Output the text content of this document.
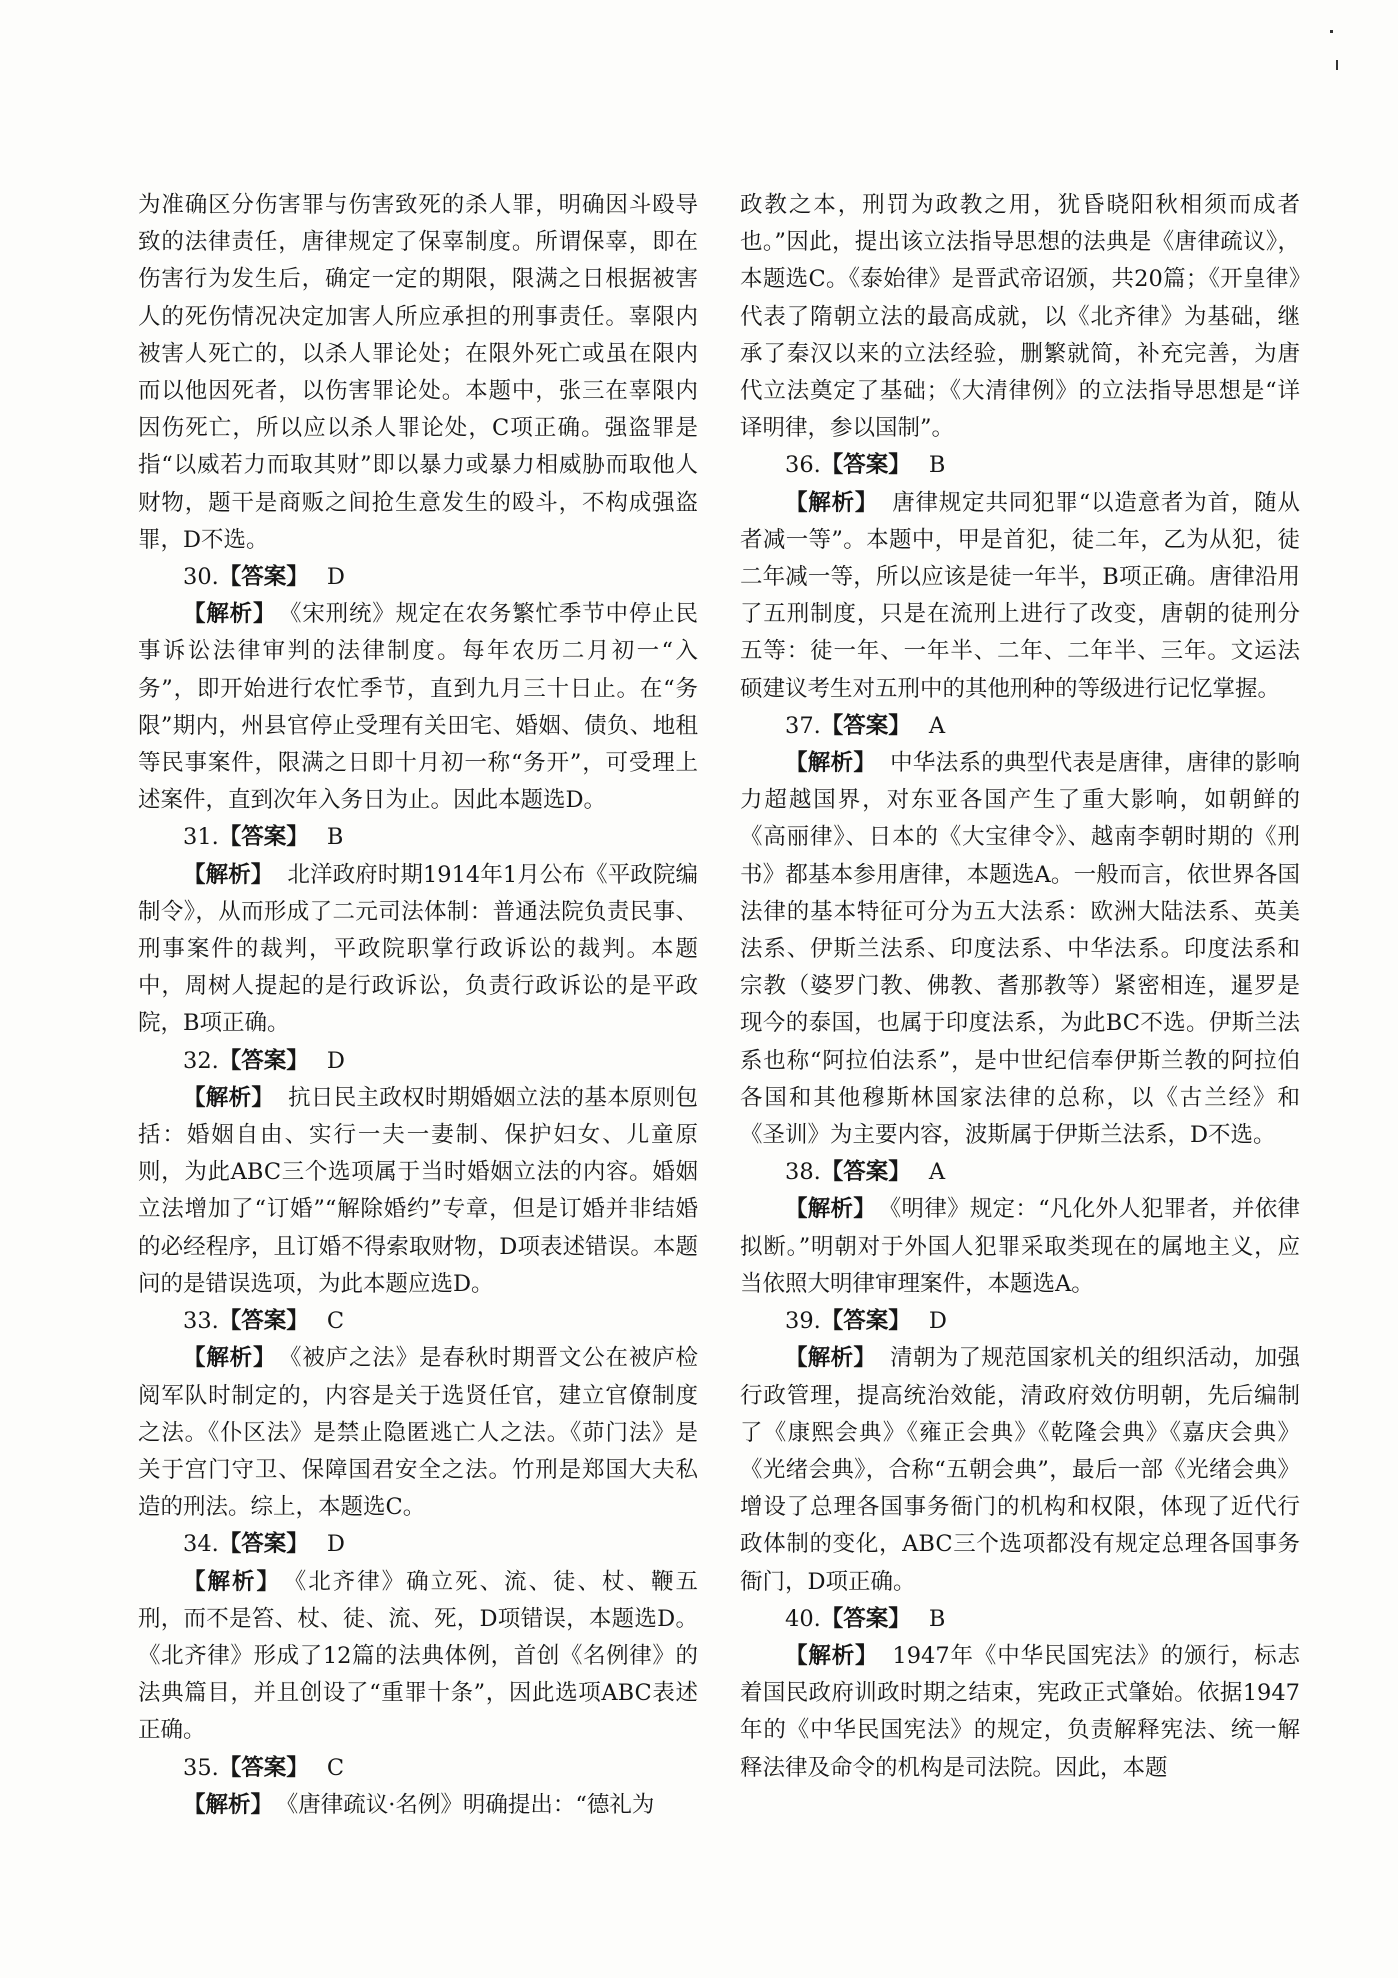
为准确区分伤害罪与伤害致死的杀人罪，明确因斗殴导致的法律责任，唐律规定了保辜制度。所谓保辜，即在伤害行为发生后，确定一定的期限，限满之日根据被害人的死伤情况决定加害人所应承担的刑事责任。辜限内被害人死亡的，以杀人罪论处；在限外死亡或虽在限内而以他因死者，以伤害罪论处。本题中，张三在辜限内因伤死亡，所以应以杀人罪论处，C项正确。强盗罪是指“以威若力而取其财”即以暴力或暴力相威胁而取他人财物，题干是商贩之间抢生意发生的殴斗，不构成强盗罪，D不选。

30.【答案】 D

【解析】 《宋刑统》规定在农务繁忙季节中停止民事诉讼法律审判的法律制度。每年农历二月初一“入务”，即开始进行农忙季节，直到九月三十日止。在“务限”期内，州县官停止受理有关田宅、婚姻、债负、地租等民事案件，限满之日即十月初一称“务开”，可受理上述案件，直到次年入务日为止。因此本题选D。

31.【答案】 B

【解析】 北洋政府时期1914年1月公布《平政院编制令》，从而形成了二元司法体制：普通法院负责民事、刑事案件的裁判，平政院职掌行政诉讼的裁判。本题中，周树人提起的是行政诉讼，负责行政诉讼的是平政院，B项正确。

32.【答案】 D

【解析】 抗日民主政权时期婚姻立法的基本原则包括：婚姻自由、实行一夫一妻制、保护妇女、儿童原则，为此ABC三个选项属于当时婚姻立法的内容。婚姻立法增加了“订婚”“解除婚约”专章，但是订婚并非结婚的必经程序，且订婚不得索取财物，D项表述错误。本题问的是错误选项，为此本题应选D。

33.【答案】 C

【解析】 《被庐之法》是春秋时期晋文公在被庐检阅军队时制定的，内容是关于选贤任官，建立官僚制度之法。《仆区法》是禁止隐匿逃亡人之法。《茆门法》是关于宫门守卫、保障国君安全之法。竹刑是郑国大夫私造的刑法。综上，本题选C。

34.【答案】 D

【解析】 《北齐律》确立死、流、徒、杖、鞭五刑，而不是笞、杖、徒、流、死，D项错误，本题选D。《北齐律》形成了12篇的法典体例，首创《名例律》的法典篇目，并且创设了“重罪十条”，因此选项ABC表述正确。

35.【答案】 C

【解析】 《唐律疏议·名例》明确提出：“德礼为

政教之本，刑罚为政教之用，犹昏晓阳秋相须而成者也。”因此，提出该立法指导思想的法典是《唐律疏议》，本题选C。《泰始律》是晋武帝诏颁，共20篇；《开皇律》代表了隋朝立法的最高成就，以《北齐律》为基础，继承了秦汉以来的立法经验，删繁就简，补充完善，为唐代立法奠定了基础；《大清律例》的立法指导思想是“详译明律，参以国制”。

36.【答案】 B

【解析】 唐律规定共同犯罪“以造意者为首，随从者减一等”。本题中，甲是首犯，徒二年，乙为从犯，徒二年减一等，所以应该是徒一年半，B项正确。唐律沿用了五刑制度，只是在流刑上进行了改变，唐朝的徒刑分五等：徒一年、一年半、二年、二年半、三年。文运法硕建议考生对五刑中的其他刑种的等级进行记忆掌握。

37.【答案】 A

【解析】 中华法系的典型代表是唐律，唐律的影响力超越国界，对东亚各国产生了重大影响，如朝鲜的《高丽律》、日本的《大宝律令》、越南李朝时期的《刑书》都基本参用唐律，本题选A。一般而言，依世界各国法律的基本特征可分为五大法系：欧洲大陆法系、英美法系、伊斯兰法系、印度法系、中华法系。印度法系和宗教（婆罗门教、佛教、耆那教等）紧密相连，暹罗是现今的泰国，也属于印度法系，为此BC不选。伊斯兰法系也称“阿拉伯法系”，是中世纪信奉伊斯兰教的阿拉伯各国和其他穆斯林国家法律的总称，以《古兰经》和《圣训》为主要内容，波斯属于伊斯兰法系，D不选。

38.【答案】 A

【解析】 《明律》规定：“凡化外人犯罪者，并依律拟断。”明朝对于外国人犯罪采取类现在的属地主义，应当依照大明律审理案件，本题选A。

39.【答案】 D

【解析】 清朝为了规范国家机关的组织活动，加强行政管理，提高统治效能，清政府效仿明朝，先后编制了《康熙会典》《雍正会典》《乾隆会典》《嘉庆会典》《光绪会典》，合称“五朝会典”，最后一部《光绪会典》增设了总理各国事务衙门的机构和权限，体现了近代行政体制的变化，ABC三个选项都没有规定总理各国事务衙门，D项正确。

40.【答案】 B

【解析】 1947年《中华民国宪法》的颁行，标志着国民政府训政时期之结束，宪政正式肇始。依据1947年的《中华民国宪法》的规定，负责解释宪法、统一解释法律及命令的机构是司法院。因此，本题
